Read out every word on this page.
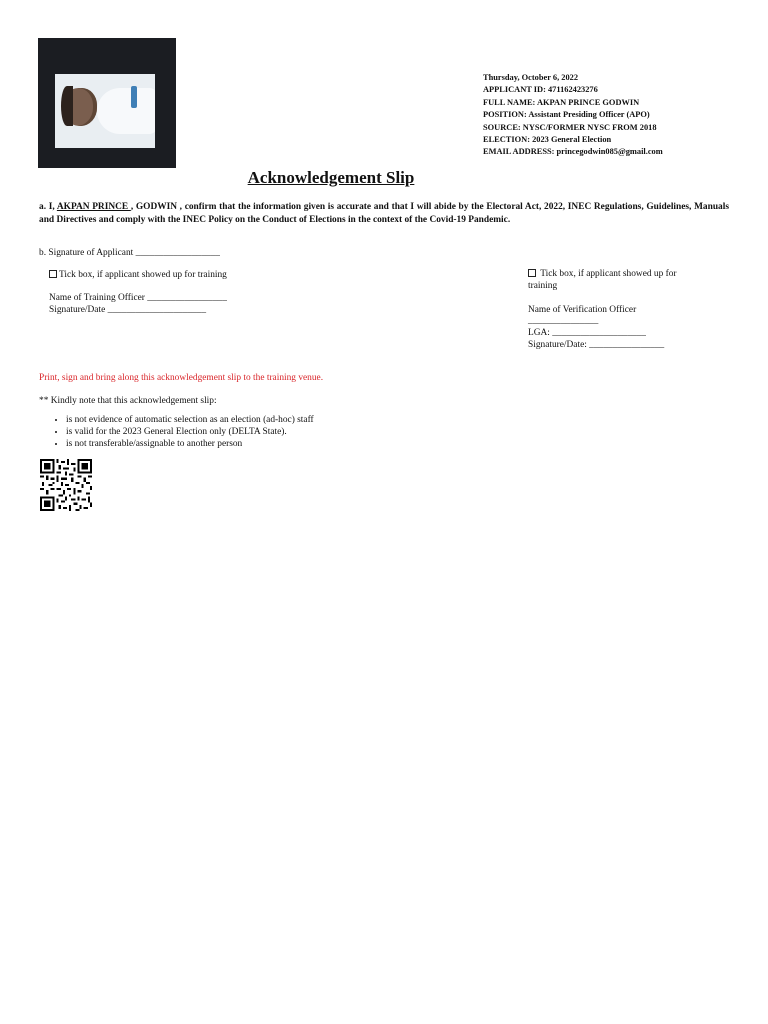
Thursday, October 6, 2022
APPLICANT ID: 471162423276
FULL NAME: AKPAN PRINCE GODWIN
POSITION: Assistant Presiding Officer (APO)
SOURCE: NYSC/FORMER NYSC FROM 2018
ELECTION: 2023 General Election
EMAIL ADDRESS: princegodwin085@gmail.com
Acknowledgement Slip
a. I, AKPAN PRINCE , GODWIN , confirm that the information given is accurate and that I will abide by the Electoral Act, 2022, INEC Regulations, Guidelines, Manuals and Directives and comply with the INEC Policy on the Conduct of Elections in the context of the Covid-19 Pandemic.
b. Signature of Applicant __________________
Tick box, if applicant showed up for training
Name of Training Officer _________________
Signature/Date _____________________
Tick box, if applicant showed up for
training
Name of Verification Officer
_______________
LGA: ____________________
Signature/Date: ________________
Print, sign and bring along this acknowledgement slip to the training venue.
** Kindly note that this acknowledgement slip:
• is not evidence of automatic selection as an election (ad-hoc) staff
• is valid for the 2023 General Election only (DELTA State).
• is not transferable/assignable to another person
